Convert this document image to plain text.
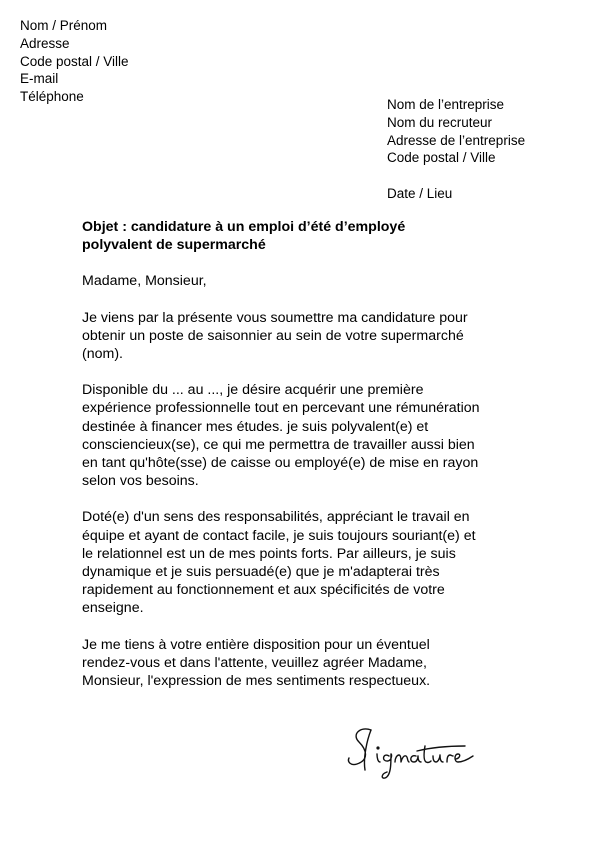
Nom / Prénom
Adresse
Code postal / Ville
E-mail
Téléphone
Nom de l’entreprise
Nom du recruteur
Adresse de l’entreprise
Code postal / Ville
Date / Lieu
Objet : candidature à un emploi d’été d’employé
polyvalent de supermarché
Madame, Monsieur,
Je viens par la présente vous soumettre ma candidature pour
obtenir un poste de saisonnier au sein de votre supermarché
(nom).
Disponible du ... au ..., je désire acquérir une première
expérience professionnelle tout en percevant une rémunération
destinée à financer mes études. je suis polyvalent(e) et
consciencieux(se), ce qui me permettra de travailler aussi bien
en tant qu'hôte(sse) de caisse ou employé(e) de mise en rayon
selon vos besoins.
Doté(e) d'un sens des responsabilités, appréciant le travail en
équipe et ayant de contact facile, je suis toujours souriant(e) et
le relationnel est un de mes points forts. Par ailleurs, je suis
dynamique et je suis persuadé(e) que je m'adapterai très
rapidement au fonctionnement et aux spécificités de votre
enseigne.
Je me tiens à votre entière disposition pour un éventuel
rendez-vous et dans l'attente, veuillez agréer Madame,
Monsieur, l'expression de mes sentiments respectueux.
